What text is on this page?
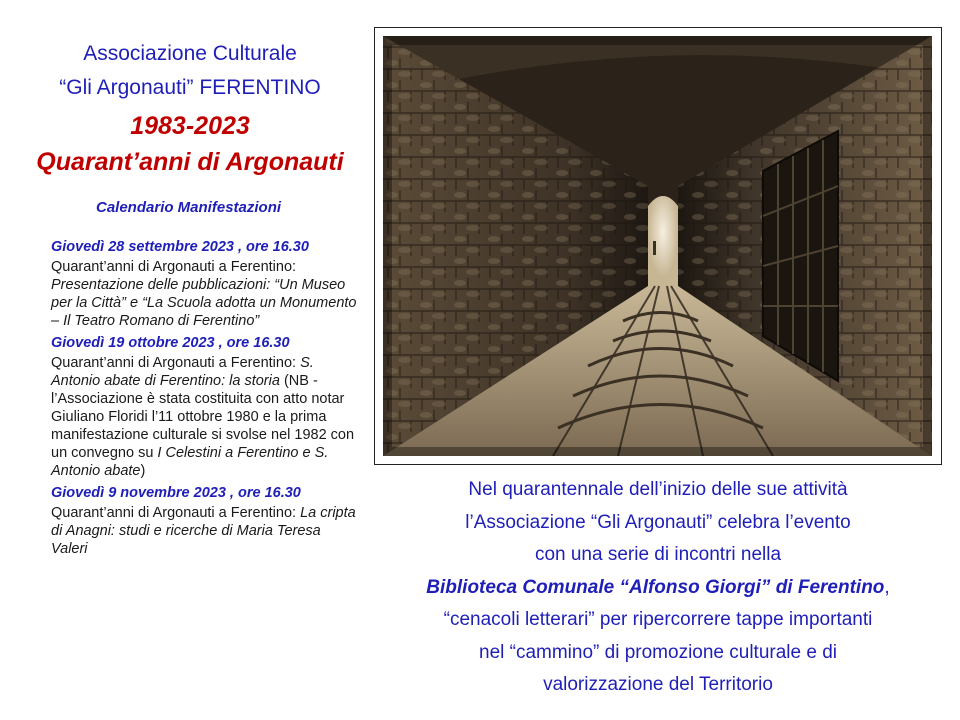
Associazione Culturale
“Gli Argonauti” FERENTINO
1983-2023
Quarant’anni di Argonauti
Calendario Manifestazioni
Giovedì 28 settembre 2023 , ore 16.30
Quarant’anni di Argonauti a Ferentino: Presentazione delle pubblicazioni: “Un Museo per la Città” e “La Scuola adotta un Monumento – Il Teatro Romano di Ferentino”
Giovedì 19 ottobre 2023 , ore 16.30
Quarant’anni di Argonauti a Ferentino: S. Antonio abate di Ferentino: la storia (NB - l’Associazione è stata costituita con atto notar Giuliano Floridi l’11 ottobre 1980 e la prima manifestazione culturale si svolse nel 1982 con un convegno su I Celestini a Ferentino e S. Antonio abate)
Giovedì 9 novembre 2023 , ore 16.30
Quarant’anni di Argonauti a Ferentino: La cripta di Anagni: studi e ricerche di Maria Teresa Valeri
Nel quarantennale dell’inizio delle sue attività
l’Associazione “Gli Argonauti” celebra l’evento
con una serie di incontri nella
Biblioteca Comunale “Alfonso Giorgi” di Ferentino,
“cenacoli letterari” per ripercorrere tappe importanti
nel “cammino” di promozione culturale e di
valorizzazione del Territorio
